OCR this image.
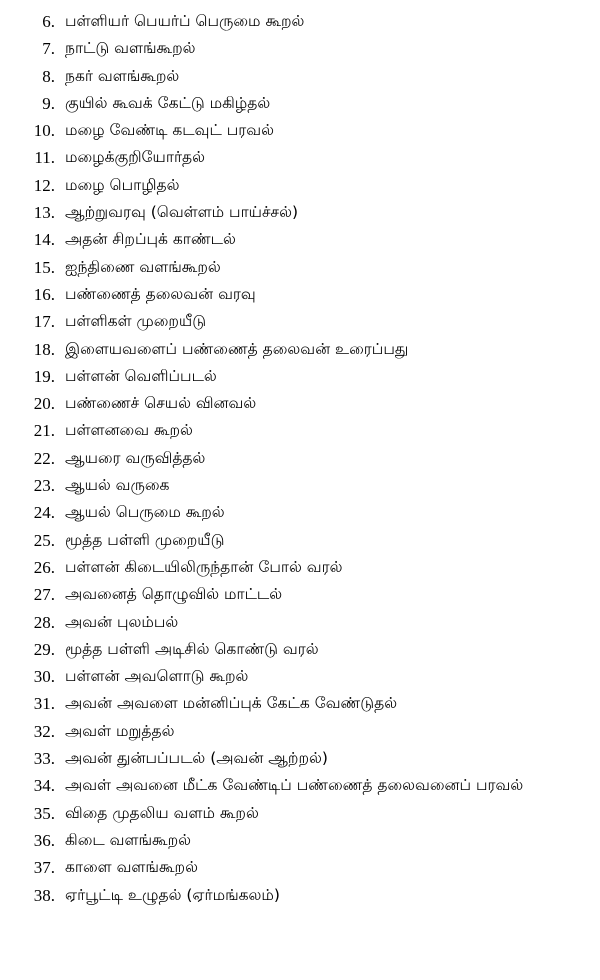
6. பள்ளியர் பெயர்ப் பெருமை கூறல்
7. நாட்டு வளங்கூறல்
8. நகர் வளங்கூறல்
9. குயில் கூவக் கேட்டு மகிழ்தல்
10. மழை வேண்டி கடவுட் பரவல்
11. மழைக்குறியோர்தல்
12. மழை பொழிதல்
13. ஆற்றுவரவு (வெள்ளம் பாய்ச்சல்)
14. அதன் சிறப்புக் காண்டல்
15. ஐந்திணை வளங்கூறல்
16. பண்ணைத் தலைவன் வரவு
17. பள்ளிகள் முறையீடு
18. இளையவளைப் பண்ணைத் தலைவன் உரைப்பது
19. பள்ளன் வெளிப்படல்
20. பண்ணைச் செயல் வினவல்
21. பள்ளனவை கூறல்
22. ஆயரை வருவித்தல்
23. ஆயல் வருகை
24. ஆயல் பெருமை கூறல்
25. மூத்த பள்ளி முறையீடு
26. பள்ளன் கிடையிலிருந்தான் போல் வரல்
27. அவனைத் தொழுவில் மாட்டல்
28. அவன் புலம்பல்
29. மூத்த பள்ளி அடிசில் கொண்டு வரல்
30. பள்ளன் அவளொடு கூறல்
31. அவன் அவளை மன்னிப்புக் கேட்க வேண்டுதல்
32. அவள் மறுத்தல்
33. அவன் துன்பப்படல் (அவன் ஆற்றல்)
34. அவள் அவனை மீட்க வேண்டிப் பண்ணைத் தலைவனைப் பரவல்
35. விதை முதலிய வளம் கூறல்
36. கிடை வளங்கூறல்
37. காளை வளங்கூறல்
38. ஏர்பூட்டி உழுதல் (ஏர்மங்கலம்)
